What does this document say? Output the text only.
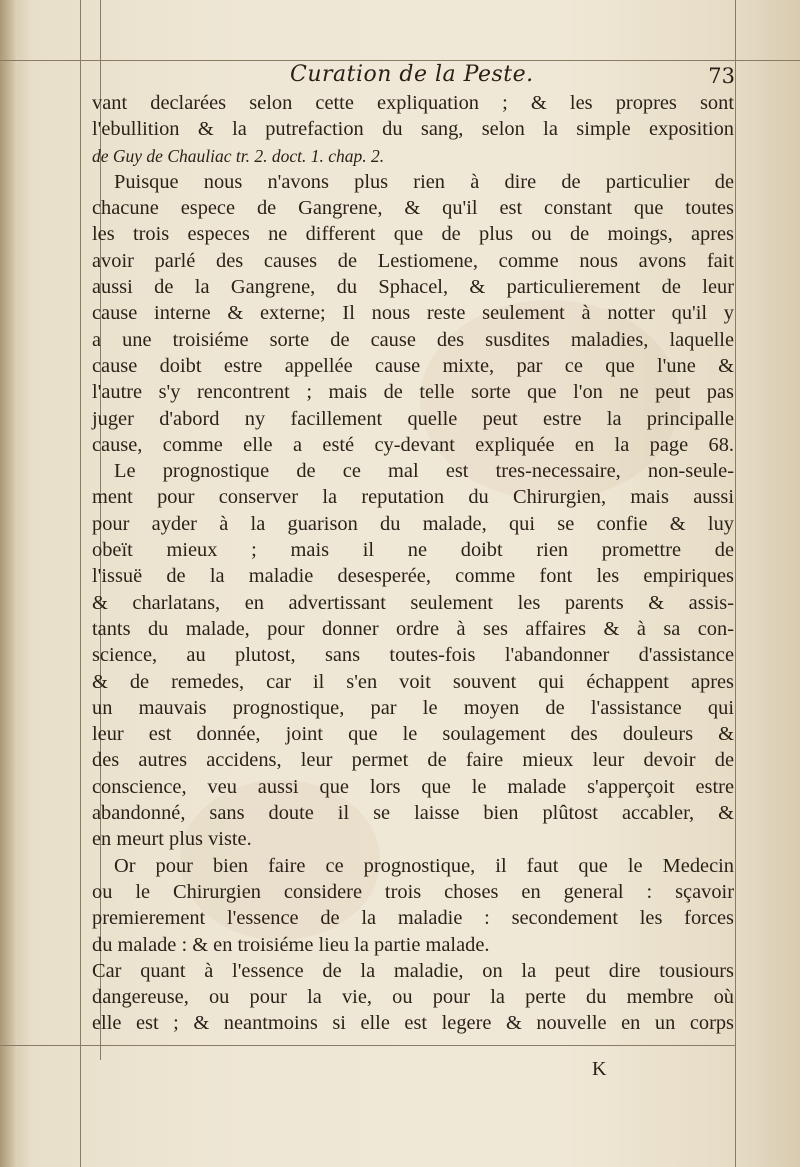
Curation de la Peste.	73
vant declarées selon cette expliquation ; & les propres sont
l'ebullition & la putrefaction du sang, selon la simple exposition
de Guy de Chauliac tr. 2. doct. 1. chap. 2.
Puisque nous n'avons plus rien à dire de particulier de
chacune espece de Gangrene, & qu'il est constant que toutes
les trois especes ne different que de plus ou de moings, apres
avoir parlé des causes de Lestiomene, comme nous avons fait
aussi de la Gangrene, du Sphacel, & particulierement de leur
cause interne & externe; Il nous reste seulement à notter qu'il y
a une troisiéme sorte de cause des susdites maladies, laquelle
cause doibt estre appellée cause mixte, par ce que l'une &
l'autre s'y rencontrent ; mais de telle sorte que l'on ne peut pas
juger d'abord ny facillement quelle peut estre la principalle
cause, comme elle a esté cy-devant expliquée en la page 68.
Le prognostique de ce mal est tres-necessaire, non-seule-
ment pour conserver la reputation du Chirurgien, mais aussi
pour ayder à la guarison du malade, qui se confie & luy
obeït mieux ; mais il ne doibt rien promettre de
l'issuë de la maladie desesperée, comme font les empiriques
& charlatans, en advertissant seulement les parents & assis-
tants du malade, pour donner ordre à ses affaires & à sa con-
science, au plutost, sans toutes-fois l'abandonner d'assistance
& de remedes, car il s'en voit souvent qui échappent apres
un mauvais prognostique, par le moyen de l'assistance qui
leur est donnée, joint que le soulagement des douleurs &
des autres accidens, leur permet de faire mieux leur devoir de
conscience, veu aussi que lors que le malade s'apperçoit estre
abandonné, sans doute il se laisse bien plûtost accabler, &
en meurt plus viste.
Or pour bien faire ce prognostique, il faut que le Medecin
ou le Chirurgien considere trois choses en general : sçavoir
premierement l'essence de la maladie : secondement les forces
du malade : & en troisiéme lieu la partie malade.
Car quant à l'essence de la maladie, on la peut dire tousiours
dangereuse, ou pour la vie, ou pour la perte du membre où
elle est ; & neantmoins si elle est legere & nouvelle en un corps
K
